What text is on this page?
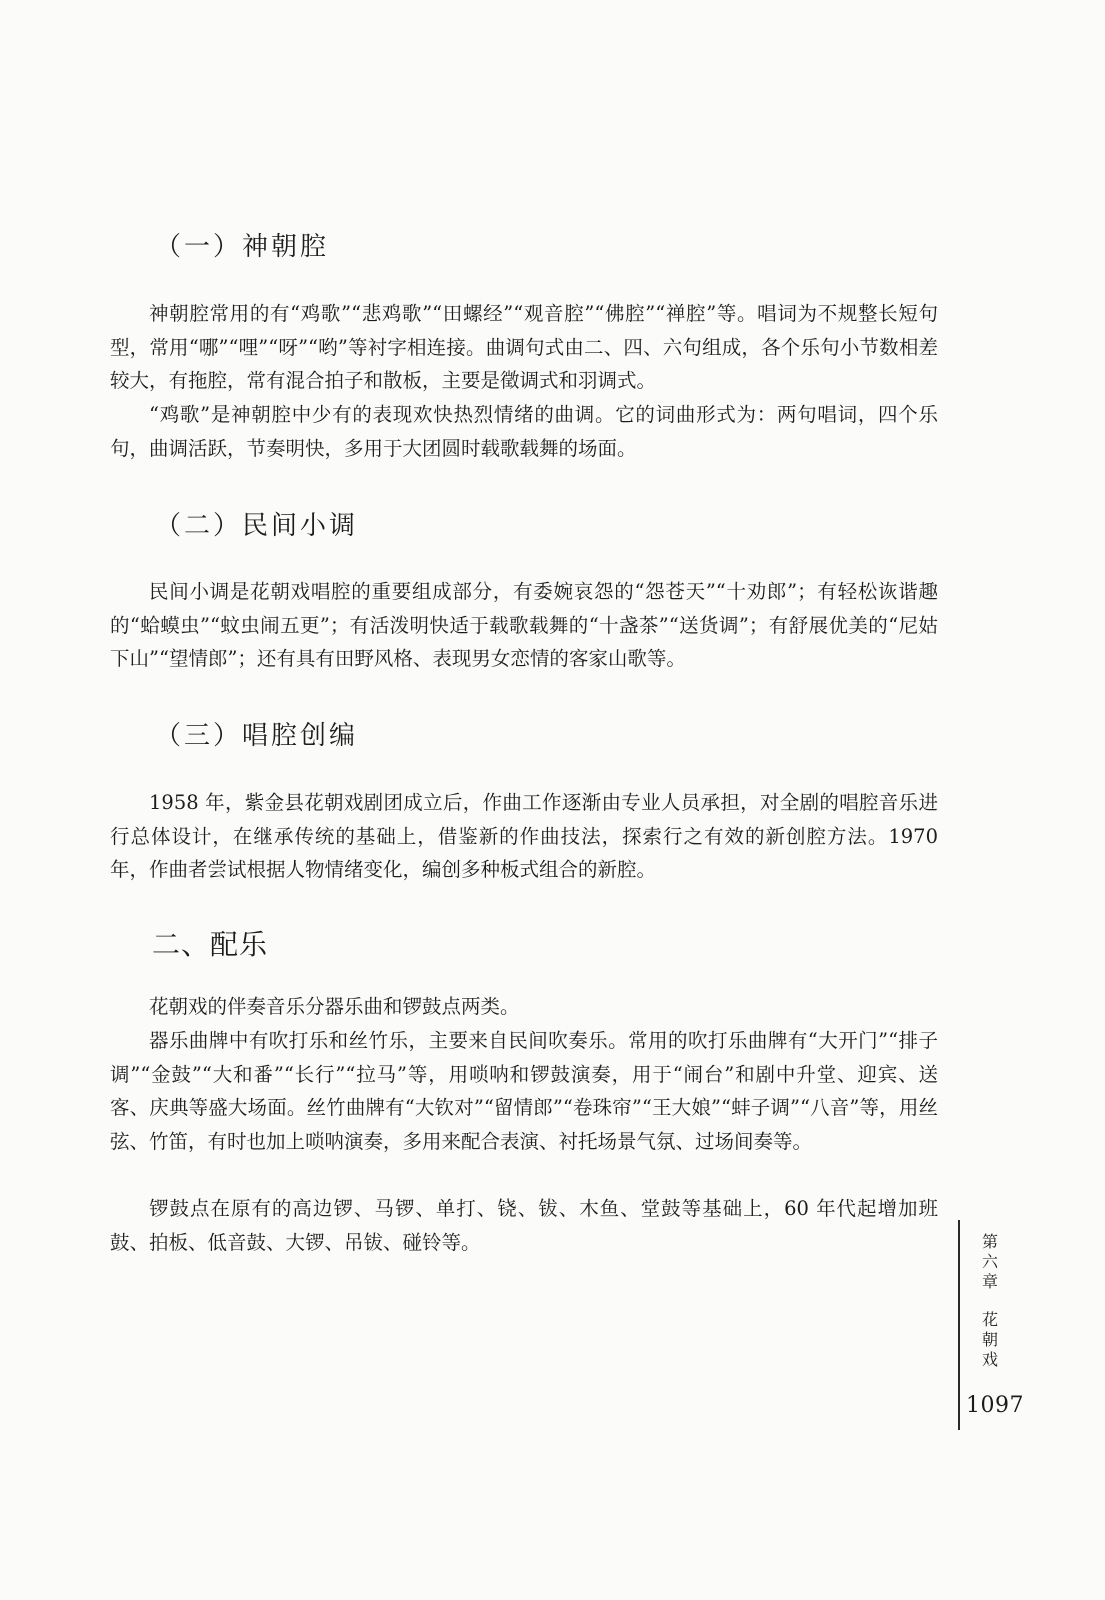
（一）神朝腔

神朝腔常用的有“鸡歌”“悲鸡歌”“田螺经”“观音腔”“佛腔”“禅腔”等。唱词为不规整长短句型，常用“哪”“哩”“呀”“哟”等衬字相连接。曲调句式由二、四、六句组成，各个乐句小节数相差较大，有拖腔，常有混合拍子和散板，主要是徵调式和羽调式。

“鸡歌”是神朝腔中少有的表现欢快热烈情绪的曲调。它的词曲形式为：两句唱词，四个乐句，曲调活跃，节奏明快，多用于大团圆时载歌载舞的场面。

（二）民间小调

民间小调是花朝戏唱腔的重要组成部分，有委婉哀怨的“怨苍天”“十劝郎”；有轻松诙谐趣的“蛤蟆虫”“蚊虫闹五更”；有活泼明快适于载歌载舞的“十盏茶”“送货调”；有舒展优美的“尼姑下山”“望情郎”；还有具有田野风格、表现男女恋情的客家山歌等。

（三）唱腔创编

1958 年，紫金县花朝戏剧团成立后，作曲工作逐渐由专业人员承担，对全剧的唱腔音乐进行总体设计，在继承传统的基础上，借鉴新的作曲技法，探索行之有效的新创腔方法。1970 年，作曲者尝试根据人物情绪变化，编创多种板式组合的新腔。

二、配乐

花朝戏的伴奏音乐分器乐曲和锣鼓点两类。

器乐曲牌中有吹打乐和丝竹乐，主要来自民间吹奏乐。常用的吹打乐曲牌有“大开门”“排子调”“金鼓”“大和番”“长行”“拉马”等，用唢呐和锣鼓演奏，用于“闹台”和剧中升堂、迎宾、送客、庆典等盛大场面。丝竹曲牌有“大钦对”“留情郎”“卷珠帘”“王大娘”“蚌子调”“八音”等，用丝弦、竹笛，有时也加上唢呐演奏，多用来配合表演、衬托场景气氛、过场间奏等。

锣鼓点在原有的高边锣、马锣、单打、铙、钹、木鱼、堂鼓等基础上，60 年代起增加班鼓、拍板、低音鼓、大锣、吊钹、碰铃等。	第
六
章
花
朝
戏
1097
